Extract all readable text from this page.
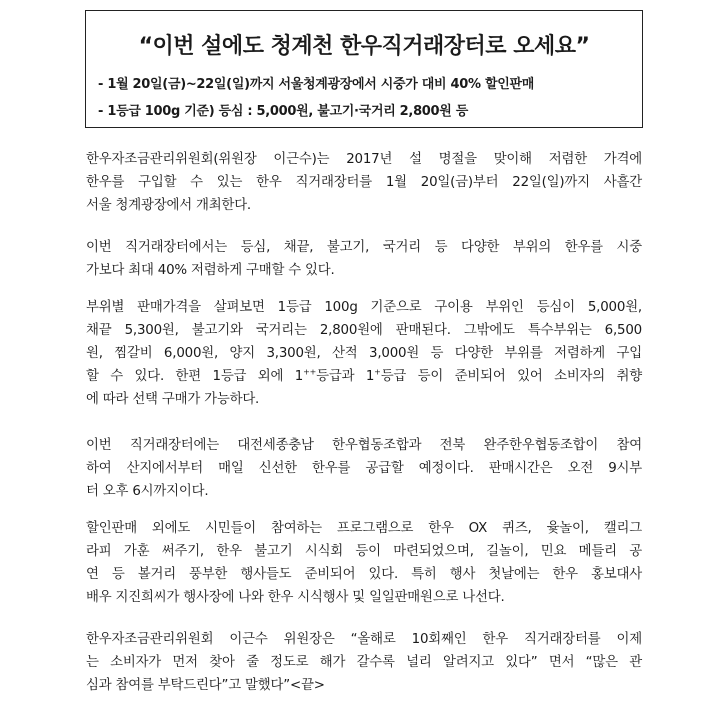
“이번 설에도 청계천 한우직거래장터로 오세요”
- 1월 20일(금)~22일(일)까지 서울청계광장에서 시중가 대비 40% 할인판매
- 1등급 100g 기준) 등심 : 5,000원, 불고기·국거리 2,800원 등
한우자조금관리위원회(위원장 이근수)는 2017년 설 명절을 맞이해 저렴한 가격에
한우를 구입할 수 있는 한우 직거래장터를 1월 20일(금)부터 22일(일)까지 사흘간
서울 청계광장에서 개최한다.
이번 직거래장터에서는 등심, 채끝, 불고기, 국거리 등 다양한 부위의 한우를 시중
가보다 최대 40% 저렴하게 구매할 수 있다.
부위별 판매가격을 살펴보면 1등급 100g 기준으로 구이용 부위인 등심이 5,000원,
채끝 5,300원, 불고기와 국거리는 2,800원에 판매된다. 그밖에도 특수부위는 6,500
원, 찜갈비 6,000원, 양지 3,300원, 산적 3,000원 등 다양한 부위를 저렴하게 구입
할 수 있다. 한편 1등급 외에 1++등급과 1+등급 등이 준비되어 있어 소비자의 취향
에 따라 선택 구매가 가능하다.
이번 직거래장터에는 대전세종충남 한우협동조합과 전북 완주한우협동조합이 참여
하여 산지에서부터 매일 신선한 한우를 공급할 예정이다. 판매시간은 오전 9시부
터 오후 6시까지이다.
할인판매 외에도 시민들이 참여하는 프로그램으로 한우 OX 퀴즈, 윷놀이, 캘리그
라피 가훈 써주기, 한우 불고기 시식회 등이 마련되었으며, 길놀이, 민요 메들리 공
연 등 볼거리 풍부한 행사들도 준비되어 있다. 특히 행사 첫날에는 한우 홍보대사
배우 지진희씨가 행사장에 나와 한우 시식행사 및 일일판매원으로 나선다.
한우자조금관리위원회 이근수 위원장은 “올해로 10회째인 한우 직거래장터를 이제
는 소비자가 먼저 찾아 줄 정도로 해가 갈수록 널리 알려지고 있다” 면서 “많은 관
심과 참여를 부탁드린다”고 말했다”<끝>
